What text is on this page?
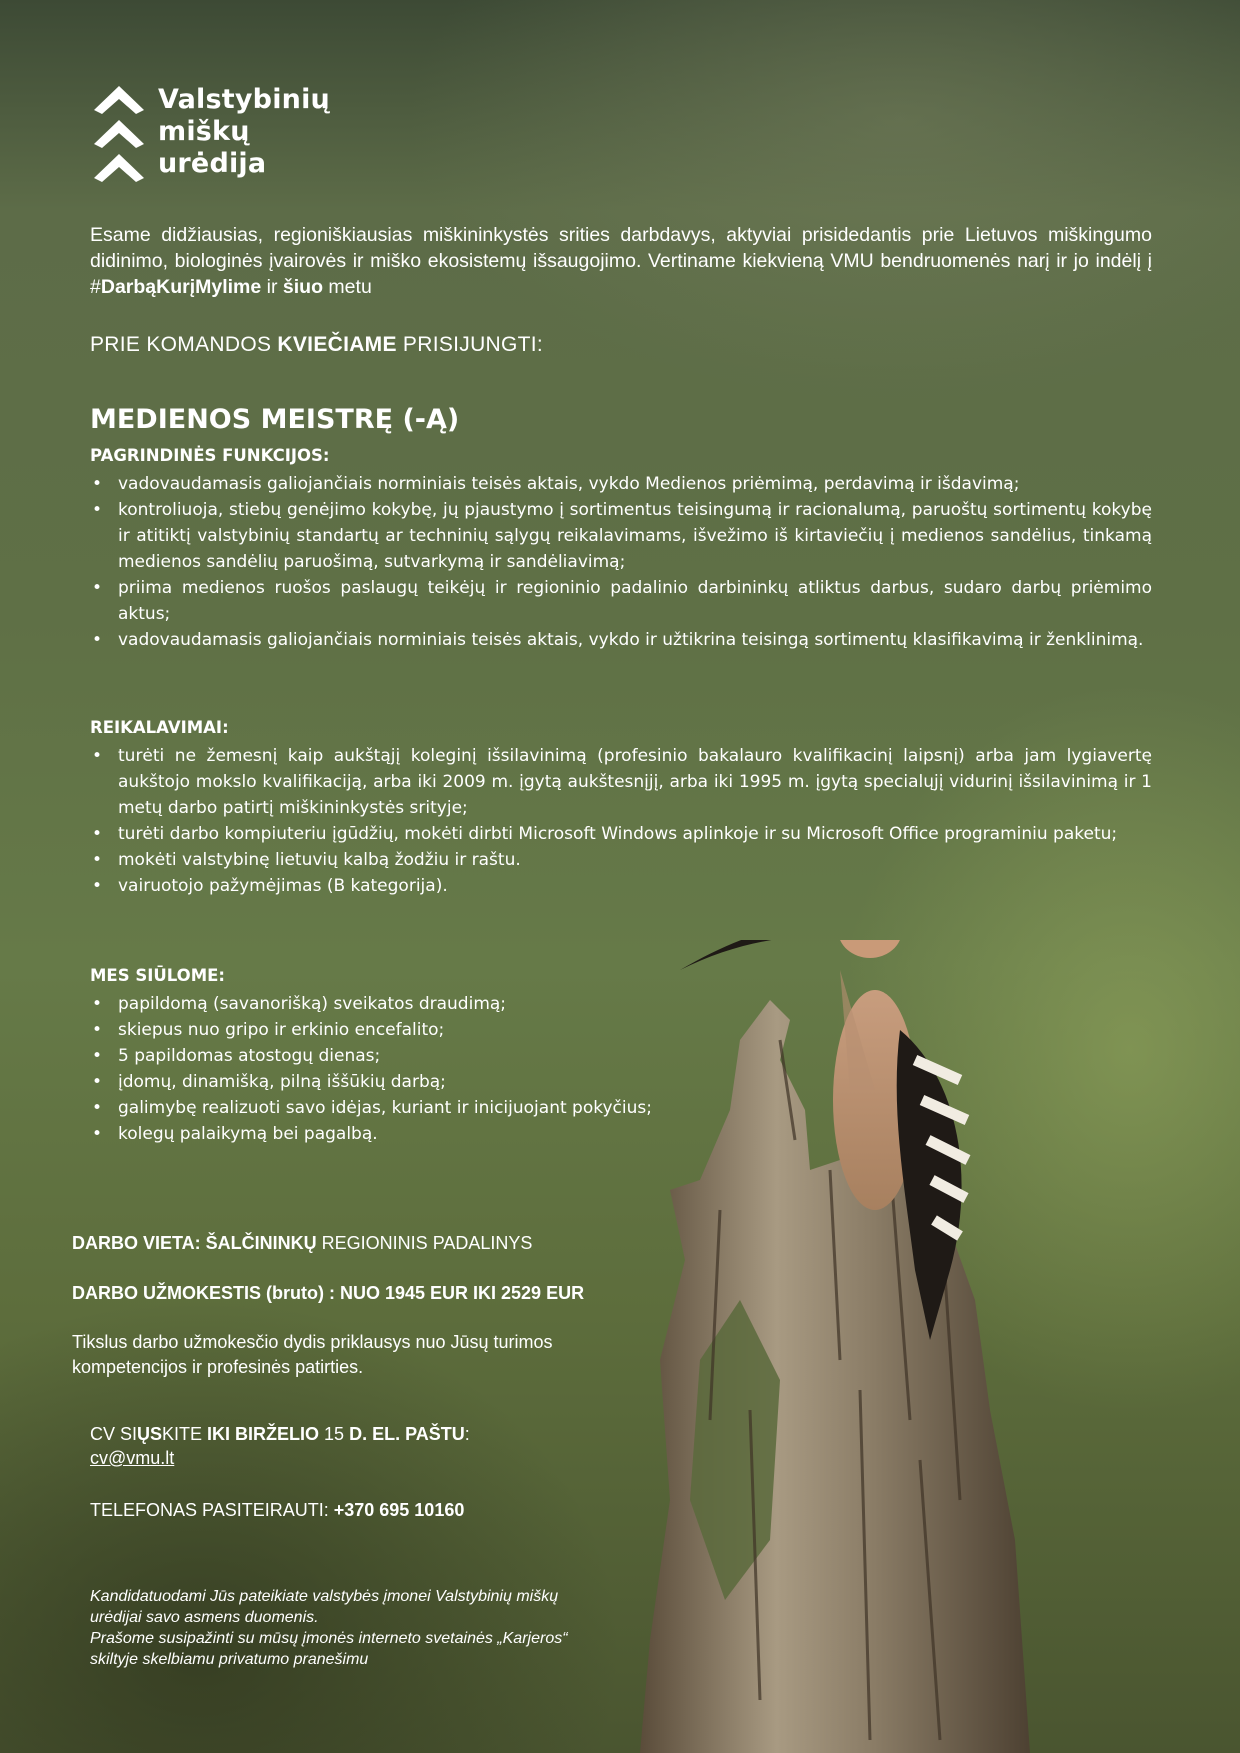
Valstybinių
miškų
urėdija
Esame didžiausias, regioniškiausias miškininkystės srities darbdavys, aktyviai prisidedantis prie Lietuvos miškingumo didinimo, biologinės įvairovės ir miško ekosistemų išsaugojimo. Vertiname kiekvieną VMU bendruomenės narį ir jo indėlį į #DarbąKurįMylime ir šiuo metu
PRIE KOMANDOS KVIEČIAME PRISIJUNGTI:
MEDIENOS MEISTRĘ (-Ą)
PAGRINDINĖS FUNKCIJOS:
• vadovaudamasis galiojančiais norminiais teisės aktais, vykdo Medienos priėmimą, perdavimą ir išdavimą;
• kontroliuoja, stiebų genėjimo kokybę, jų pjaustymo į sortimentus teisingumą ir racionalumą, paruoštų sortimentų kokybę ir atitiktį valstybinių standartų ar techninių sąlygų reikalavimams, išvežimo iš kirtaviečių į medienos sandėlius, tinkamą medienos sandėlių paruošimą, sutvarkymą ir sandėliavimą;
• priima medienos ruošos paslaugų teikėjų ir regioninio padalinio darbininkų atliktus darbus, sudaro darbų priėmimo aktus;
• vadovaudamasis galiojančiais norminiais teisės aktais, vykdo ir užtikrina teisingą sortimentų klasifikavimą ir ženklinimą.
REIKALAVIMAI:
• turėti ne žemesnį kaip aukštąjį koleginį išsilavinimą (profesinio bakalauro kvalifikacinį laipsnį) arba jam lygiavertę aukštojo mokslo kvalifikaciją, arba iki 2009 m. įgytą aukštesnįjį, arba iki 1995 m. įgytą specialųjį vidurinį išsilavinimą ir 1 metų darbo patirtį miškininkystės srityje;
• turėti darbo kompiuteriu įgūdžių, mokėti dirbti Microsoft Windows aplinkoje ir su Microsoft Office programiniu paketu;
• mokėti valstybinę lietuvių kalbą žodžiu ir raštu.
• vairuotojo pažymėjimas (B kategorija).
MES SIŪLOME:
• papildomą (savanorišką) sveikatos draudimą;
• skiepus nuo gripo ir erkinio encefalito;
• 5 papildomas atostogų dienas;
• įdomų, dinamišką, pilną iššūkių darbą;
• galimybę realizuoti savo idėjas, kuriant ir inicijuojant pokyčius;
• kolegų palaikymą bei pagalbą.
DARBO VIETA: ŠALČININKŲ REGIONINIS PADALINYS
DARBO UŽMOKESTIS (bruto) : NUO 1945 EUR IKI 2529 EUR
Tikslus darbo užmokesčio dydis priklausys nuo Jūsų turimos kompetencijos ir profesinės patirties.
CV SIŲSKITE IKI BIRŽELIO 15 D. EL. PAŠTU:
cv@vmu.lt
TELEFONAS PASITEIRAUTI: +370 695 10160
Kandidatuodami Jūs pateikiate valstybės įmonei Valstybinių miškų
urėdijai savo asmens duomenis.
Prašome susipažinti su mūsų įmonės interneto svetainės „Karjeros“
skiltyje skelbiamu privatumo pranešimu
